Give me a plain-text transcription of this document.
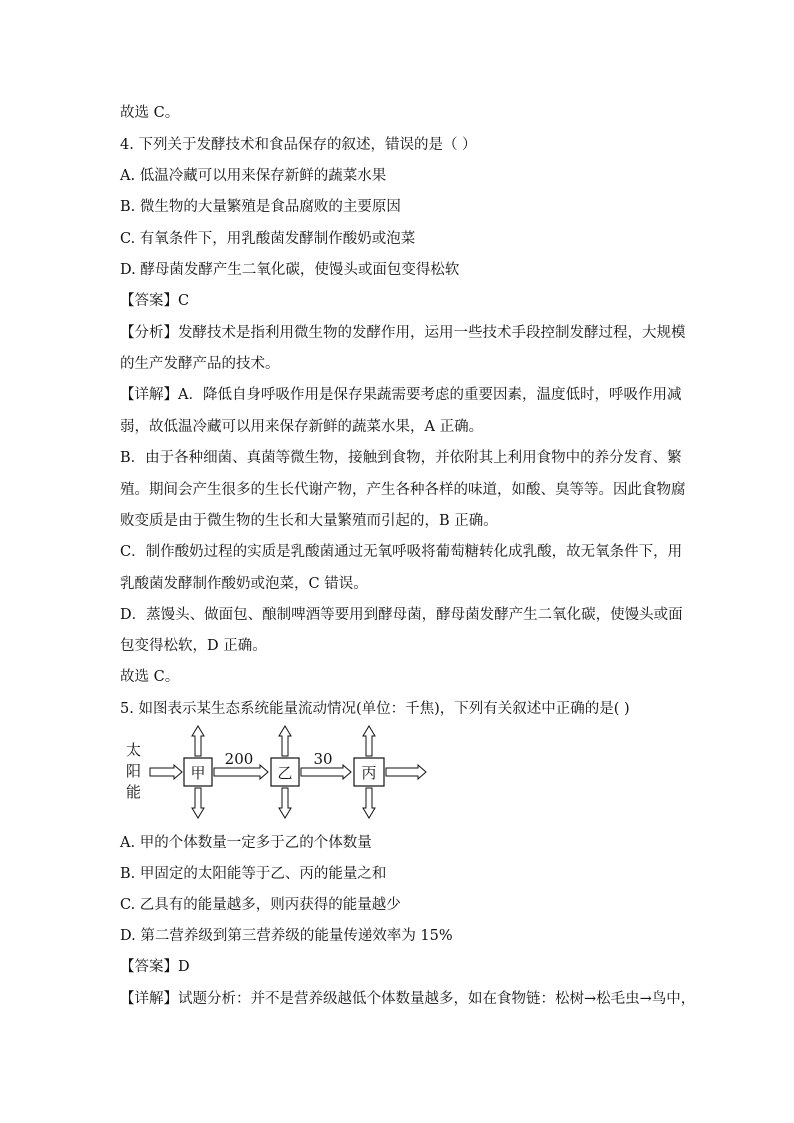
故选 C。
4. 下列关于发酵技术和食品保存的叙述，错误的是（ ）
A. 低温冷藏可以用来保存新鲜的蔬菜水果
B. 微生物的大量繁殖是食品腐败的主要原因
C. 有氧条件下，用乳酸菌发酵制作酸奶或泡菜
D. 酵母菌发酵产生二氧化碳，使馒头或面包变得松软
【答案】C
【分析】发酵技术是指利用微生物的发酵作用，运用一些技术手段控制发酵过程，大规模
的生产发酵产品的技术。
【详解】A．降低自身呼吸作用是保存果蔬需要考虑的重要因素，温度低时，呼吸作用减
弱，故低温冷藏可以用来保存新鲜的蔬菜水果，A 正确。
B．由于各种细菌、真菌等微生物，接触到食物，并依附其上利用食物中的养分发育、繁
殖。期间会产生很多的生长代谢产物，产生各种各样的味道，如酸、臭等等。因此食物腐
败变质是由于微生物的生长和大量繁殖而引起的，B 正确。
C．制作酸奶过程的实质是乳酸菌通过无氧呼吸将葡萄糖转化成乳酸，故无氧条件下，用
乳酸菌发酵制作酸奶或泡菜，C 错误。
D．蒸馒头、做面包、酿制啤酒等要用到酵母菌，酵母菌发酵产生二氧化碳，使馒头或面
包变得松软，D 正确。
故选 C。
5. 如图表示某生态系统能量流动情况(单位：千焦)，下列有关叙述中正确的是( )
太
阳
能
甲
200
乙
30
丙
A. 甲的个体数量一定多于乙的个体数量
B. 甲固定的太阳能等于乙、丙的能量之和
C. 乙具有的能量越多，则丙获得的能量越少
D. 第二营养级到第三营养级的能量传递效率为 15%
【答案】D
【详解】试题分析：并不是营养级越低个体数量越多，如在食物链：松树→松毛虫→鸟中，
